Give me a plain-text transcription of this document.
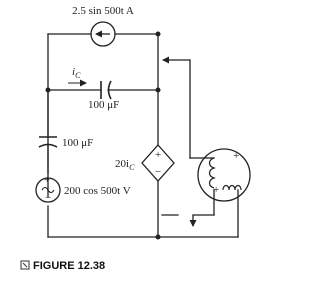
2.5 sin 500t A
$i_C$
100 μF
100 μF
+
−
200 cos 500t V
+
−
$20i_C$
+
+
FIGURE 12.38
